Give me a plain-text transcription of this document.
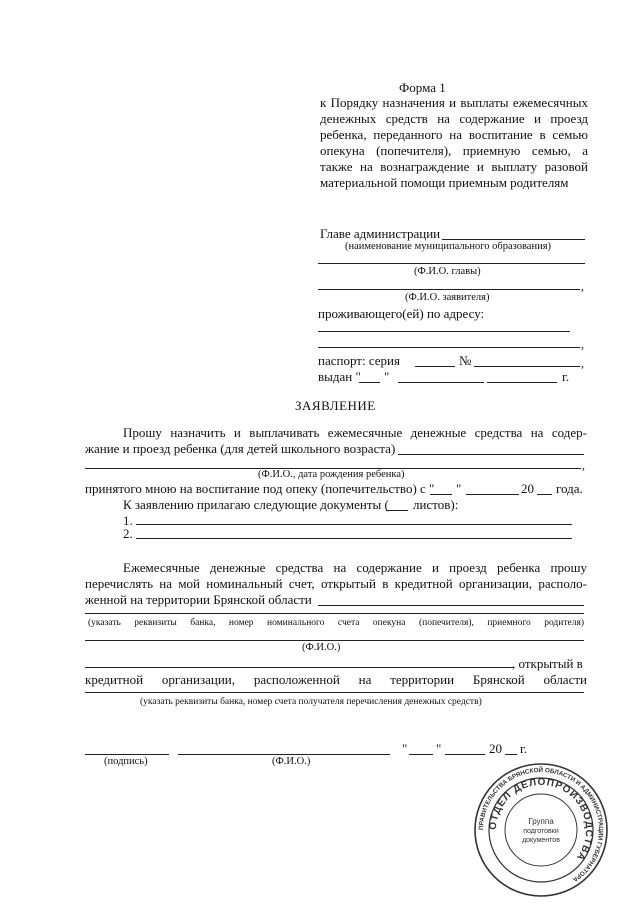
Форма 1
к Порядку назначения и выплаты ежемесячных
денежных средств на содержание и проезд
ребенка, переданного на воспитание в семью
опекуна (попечителя), приемную семью, а
также на вознаграждение и выплату разовой
материальной помощи приемным родителям
Главе администрации
(наименование муниципального образования)
(Ф.И.О. главы)
,
(Ф.И.О. заявителя)
проживающего(ей) по адресу:
,
паспорт: серия	№	,
выдан " "	г.
ЗАЯВЛЕНИЕ
Прошу назначить и выплачивать ежемесячные денежные средства на содер-
жание и проезд ребенка (для детей школьного возраста)
,
(Ф.И.О., дата рождения ребенка)
принятого мною на воспитание под опеку (попечительство) с " "	20 года.
К заявлению прилагаю следующие документы ( листов):
1.
2.
Ежемесячные денежные средства на содержание и проезд ребенка прошу
перечислять на мой номинальный счет, открытый в кредитной организации, располо-
женной на территории Брянской области
(указать реквизиты банка, номер номинального счета опекуна (попечителя), приемного родителя)
(Ф.И.О.)
, открытый в
кредитной организации, расположенной на территории Брянской области
(указать реквизиты банка, номер счета получателя перечисления денежных средств)
" "	20 г.
(подпись)	(Ф.И.О.)
ПРАВИТЕЛЬСТВА БРЯНСКОЙ ОБЛАСТИ И АДМИНИСТРАЦИИ ГУБЕРНАТОРА
ОТДЕЛ ДЕЛОПРОИЗВОДСТВА
Группа
подготовки
документов
